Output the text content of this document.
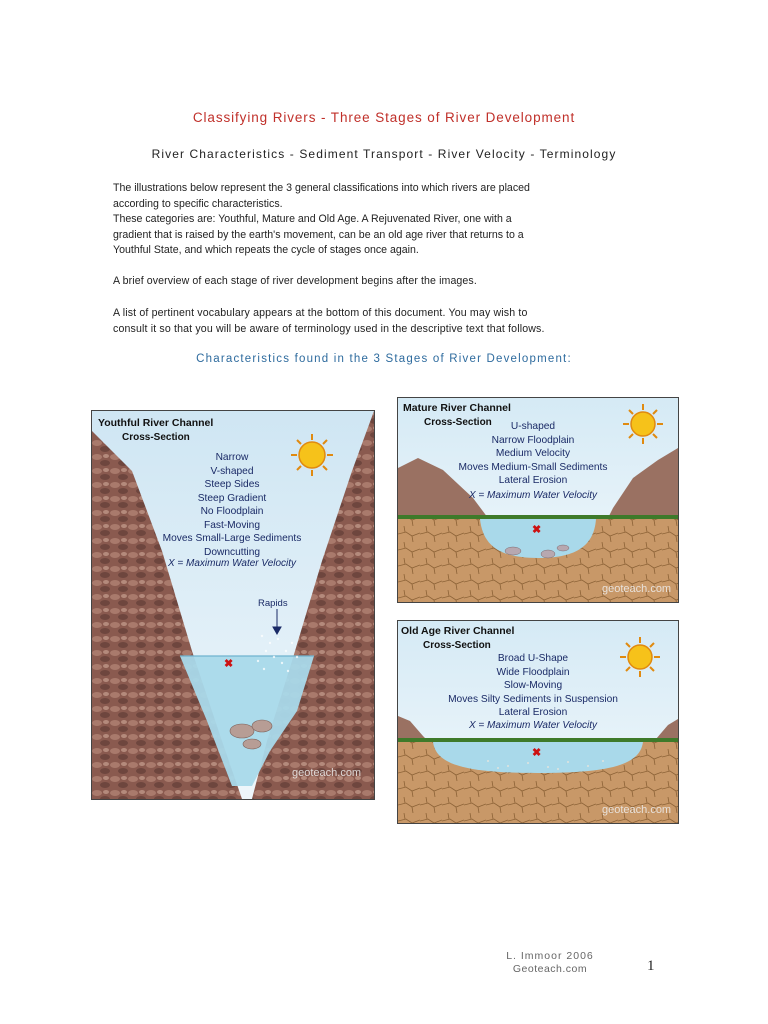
Classifying Rivers - Three Stages of River Development
River Characteristics - Sediment Transport - River Velocity - Terminology
The illustrations below represent the 3 general classifications into which rivers are placed
according to specific characteristics.
These categories are: Youthful, Mature and Old Age. A Rejuvenated River, one with a
gradient that is raised by the earth's movement, can be an old age river that returns to a
Youthful State, and which repeats the cycle of stages once again.
A brief overview of each stage of river development begins after the images.
A list of pertinent vocabulary appears at the bottom of this document. You may wish to
consult it so that you will be aware of terminology used in the descriptive text that follows.
Characteristics found in the 3 Stages of River Development:
Youthful River Channel
Cross-Section
Narrow
V-shaped
Steep Sides
Steep Gradient
No Floodplain
Fast-Moving
Moves Small-Large Sediments
Downcutting
X = Maximum Water Velocity
Rapids
✖
geoteach.com
Mature River Channel
Cross-Section	U-shaped
Narrow Floodplain
Medium Velocity
Moves Medium-Small Sediments
Lateral Erosion
X = Maximum Water Velocity
✖
geoteach.com
Old Age River Channel
Cross-Section
Broad U-Shape
Wide Floodplain
Slow-Moving
Moves Silty Sediments in Suspension
Lateral Erosion
X = Maximum Water Velocity
✖
geoteach.com
L. Immoor 2006
Geoteach.com	1
